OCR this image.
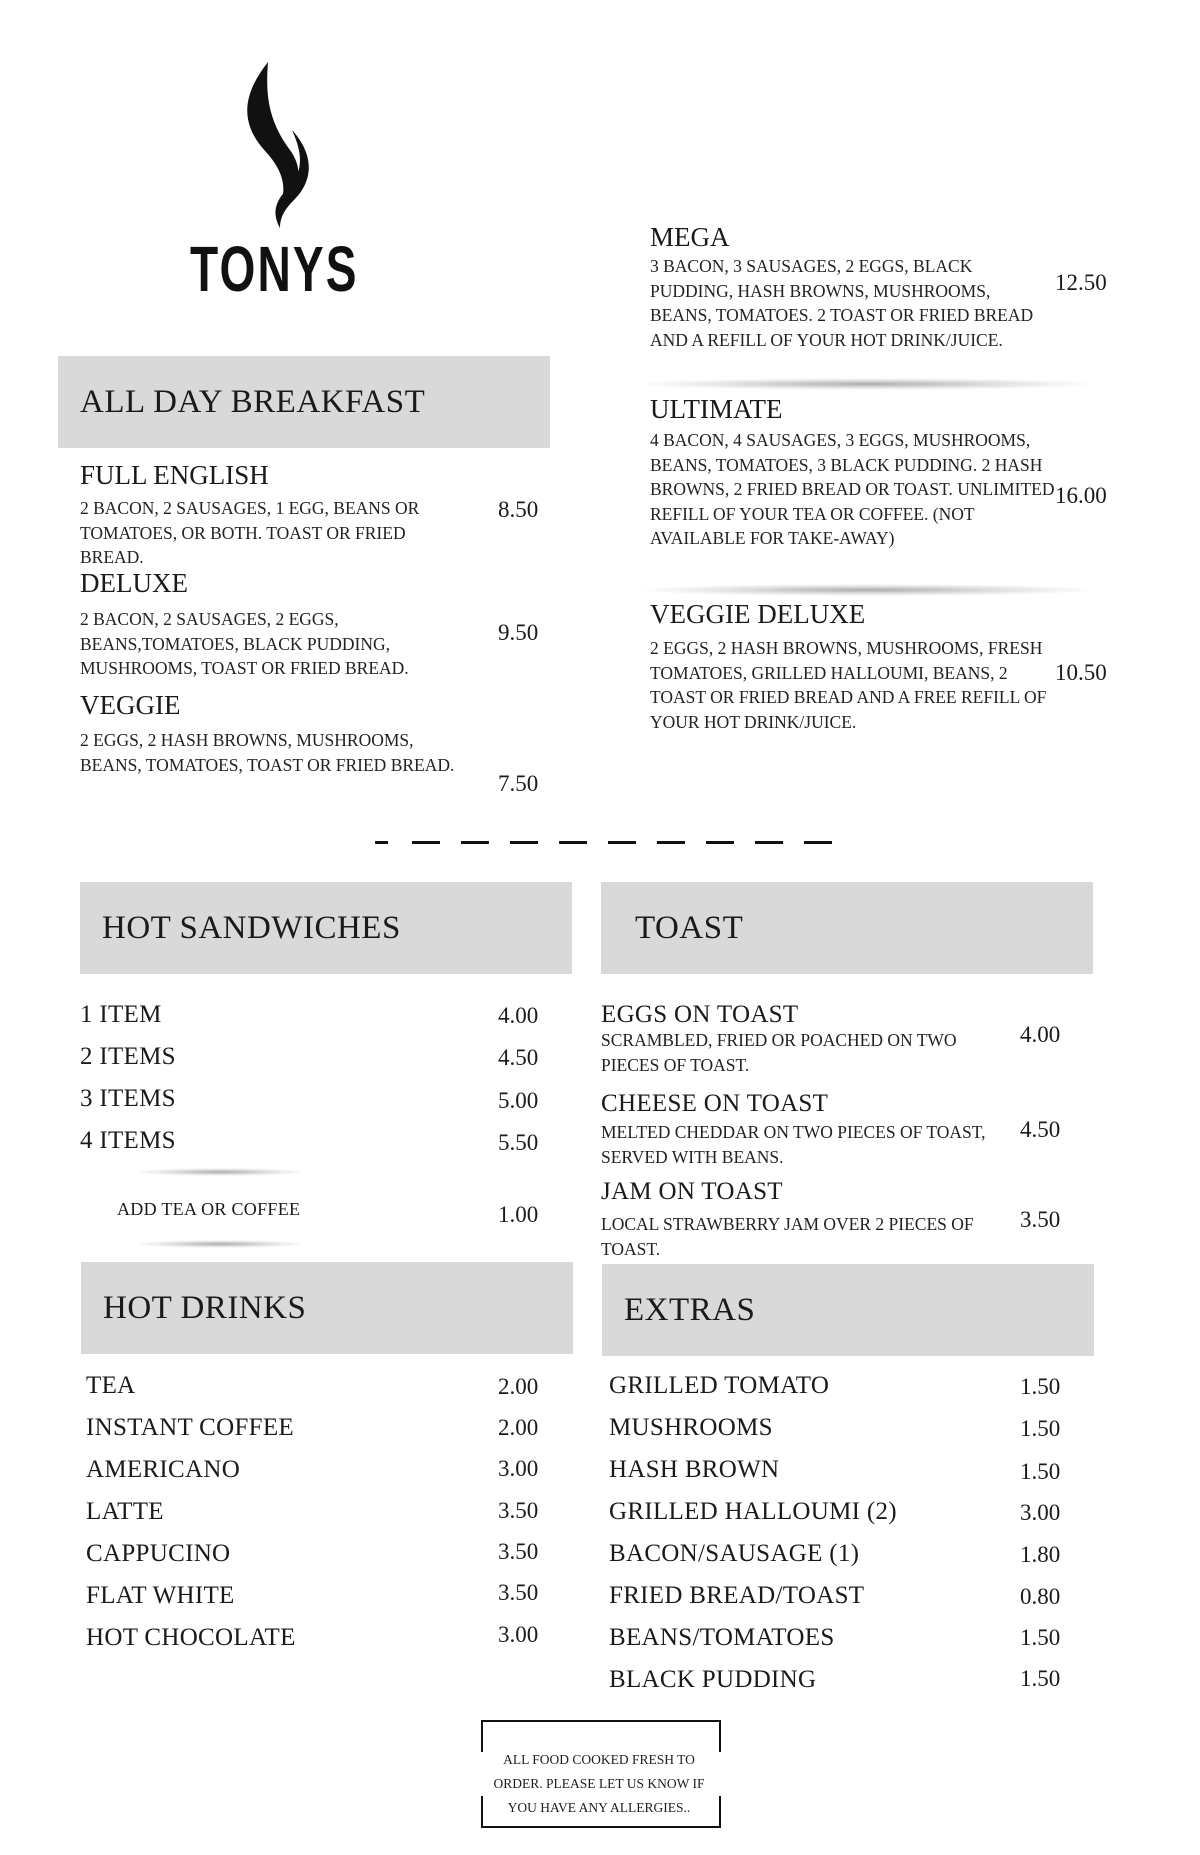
TONYS
ALL DAY BREAKFAST
FULL ENGLISH
2 BACON, 2 SAUSAGES, 1 EGG, BEANS OR TOMATOES, OR BOTH. TOAST OR FRIED BREAD.
8.50
DELUXE
2 BACON, 2 SAUSAGES, 2 EGGS, BEANS,TOMATOES, BLACK PUDDING, MUSHROOMS, TOAST OR FRIED BREAD.
9.50
VEGGIE
2 EGGS, 2 HASH BROWNS, MUSHROOMS, BEANS, TOMATOES, TOAST OR FRIED BREAD.
7.50
MEGA
3 BACON, 3 SAUSAGES, 2 EGGS, BLACK PUDDING, HASH BROWNS, MUSHROOMS, BEANS, TOMATOES. 2 TOAST OR FRIED BREAD AND A REFILL OF YOUR HOT DRINK/JUICE.
12.50
ULTIMATE
4 BACON, 4 SAUSAGES, 3 EGGS, MUSHROOMS, BEANS, TOMATOES, 3 BLACK PUDDING. 2 HASH BROWNS, 2 FRIED BREAD OR TOAST. UNLIMITED REFILL OF YOUR TEA OR COFFEE. (NOT AVAILABLE FOR TAKE-AWAY)
16.00
VEGGIE DELUXE
2 EGGS, 2 HASH BROWNS, MUSHROOMS, FRESH TOMATOES, GRILLED HALLOUMI, BEANS, 2 TOAST OR FRIED BREAD AND A FREE REFILL OF YOUR HOT DRINK/JUICE.
10.50
HOT SANDWICHES
1 ITEM	4.00
2 ITEMS	4.50
3 ITEMS	5.00
4 ITEMS	5.50
ADD TEA OR COFFEE	1.00
TOAST
EGGS ON TOAST
SCRAMBLED, FRIED OR POACHED ON TWO PIECES OF TOAST.
4.00
CHEESE ON TOAST
MELTED CHEDDAR ON TWO PIECES OF TOAST, SERVED WITH BEANS.
4.50
JAM ON TOAST
LOCAL STRAWBERRY JAM OVER 2 PIECES OF TOAST.
3.50
HOT DRINKS
TEA	2.00
INSTANT COFFEE	2.00
AMERICANO	3.00
LATTE	3.50
CAPPUCINO	3.50
FLAT WHITE	3.50
HOT CHOCOLATE	3.00
EXTRAS
GRILLED TOMATO	1.50
MUSHROOMS	1.50
HASH BROWN	1.50
GRILLED HALLOUMI (2)	3.00
BACON/SAUSAGE (1)	1.80
FRIED BREAD/TOAST	0.80
BEANS/TOMATOES	1.50
BLACK PUDDING	1.50

ALL FOOD COOKED FRESH TO ORDER. PLEASE LET US KNOW IF YOU HAVE ANY ALLERGIES..
